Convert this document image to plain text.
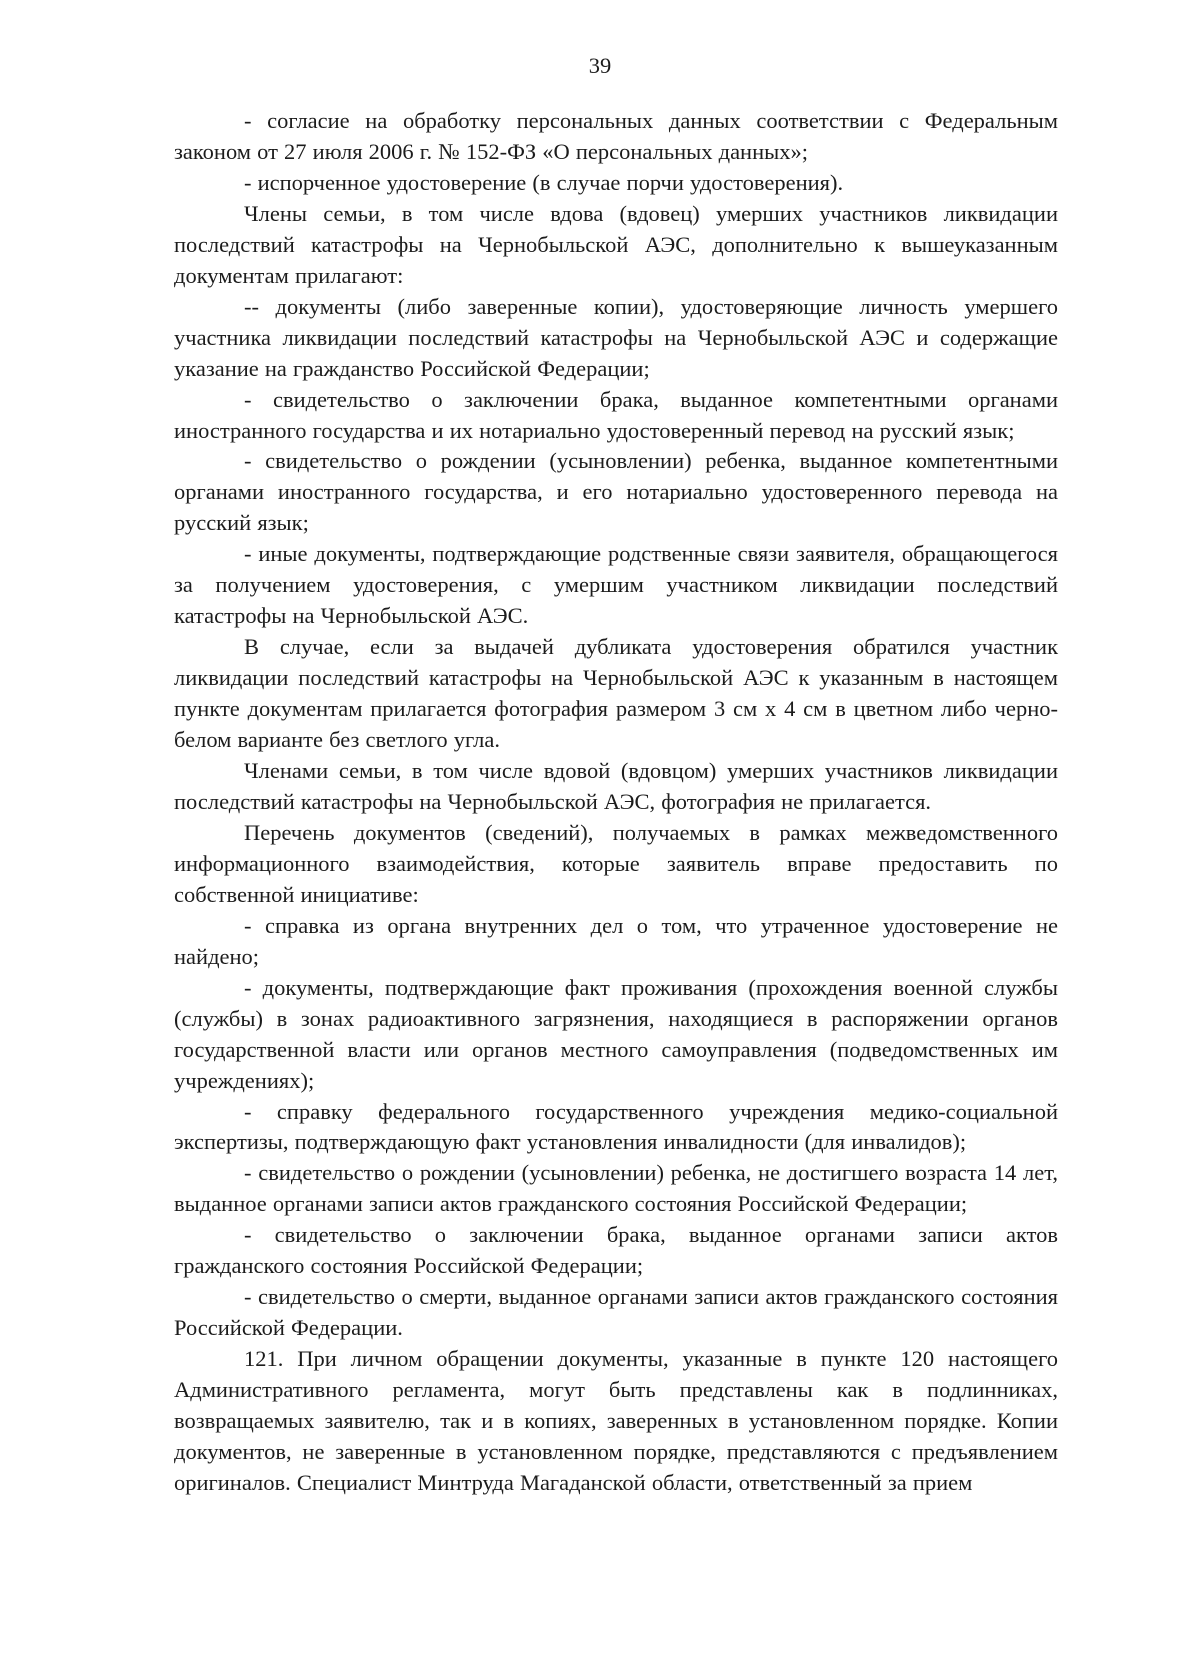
39

- согласие на обработку персональных данных соответствии с Федеральным законом от 27 июля 2006 г. № 152-ФЗ «О персональных данных»;

- испорченное удостоверение (в случае порчи удостоверения).

Члены семьи, в том числе вдова (вдовец) умерших участников ликвидации последствий катастрофы на Чернобыльской АЭС, дополнительно к вышеуказанным документам прилагают:

-- документы (либо заверенные копии), удостоверяющие личность умершего участника ликвидации последствий катастрофы на Чернобыльской АЭС и содержащие указание на гражданство Российской Федерации;

- свидетельство о заключении брака, выданное компетентными органами иностранного государства и их нотариально удостоверенный перевод на русский язык;

- свидетельство о рождении (усыновлении) ребенка, выданное компетентными органами иностранного государства, и его нотариально удостоверенного перевода на русский язык;

- иные документы, подтверждающие родственные связи заявителя, обращающегося за получением удостоверения, с умершим участником ликвидации последствий катастрофы на Чернобыльской АЭС.

В случае, если за выдачей дубликата удостоверения обратился участник ликвидации последствий катастрофы на Чернобыльской АЭС к указанным в настоящем пункте документам прилагается фотография размером 3 см х 4 см в цветном либо черно-белом варианте без светлого угла.

Членами семьи, в том числе вдовой (вдовцом) умерших участников ликвидации последствий катастрофы на Чернобыльской АЭС, фотография не прилагается.

Перечень документов (сведений), получаемых в рамках межведомственного информационного взаимодействия, которые заявитель вправе предоставить по собственной инициативе:

- справка из органа внутренних дел о том, что утраченное удостоверение не найдено;

- документы, подтверждающие факт проживания (прохождения военной службы (службы) в зонах радиоактивного загрязнения, находящиеся в распоряжении органов государственной власти или органов местного самоуправления (подведомственных им учреждениях);

- справку федерального государственного учреждения медико-социальной экспертизы, подтверждающую факт установления инвалидности (для инвалидов);

- свидетельство о рождении (усыновлении) ребенка, не достигшего возраста 14 лет, выданное органами записи актов гражданского состояния Российской Федерации;

- свидетельство о заключении брака, выданное органами записи актов гражданского состояния Российской Федерации;

- свидетельство о смерти, выданное органами записи актов гражданского состояния Российской Федерации.

121. При личном обращении документы, указанные в пункте 120 настоящего Административного регламента, могут быть представлены как в подлинниках, возвращаемых заявителю, так и в копиях, заверенных в установленном порядке. Копии документов, не заверенные в установленном порядке, представляются с предъявлением оригиналов. Специалист Минтруда Магаданской области, ответственный за прием
